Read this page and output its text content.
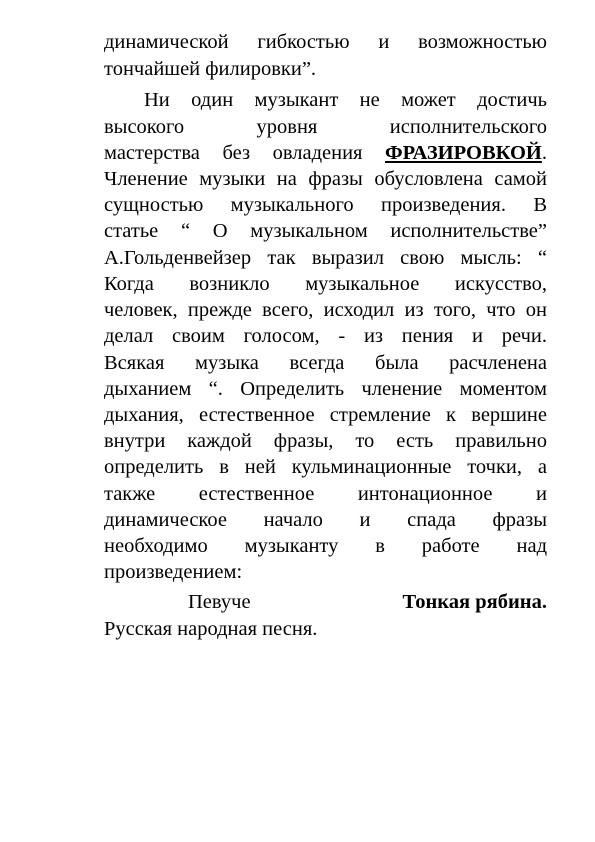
динамической гибкостью и возможностью
тончайшей филировки”.
Ни один музыкант не может достичь
высокого уровня исполнительского
мастерства без овладения ФРАЗИРОВКОЙ.
Членение музыки на фразы обусловлена самой
сущностью музыкального произведения. В
статье “ О музыкальном исполнительстве”
А.Гольденвейзер так выразил свою мысль: “
Когда возникло музыкальное искусство,
человек, прежде всего, исходил из того, что он
делал своим голосом, - из пения и речи.
Всякая музыка всегда была расчленена
дыханием “. Определить членение моментом
дыхания, естественное стремление к вершине
внутри каждой фразы, то есть правильно
определить в ней кульминационные точки, а
также естественное интонационное и
динамическое начало и спада фразы
необходимо музыканту в работе над
произведением:
Певуче	Тонкая рябина.
Русская народная песня.
